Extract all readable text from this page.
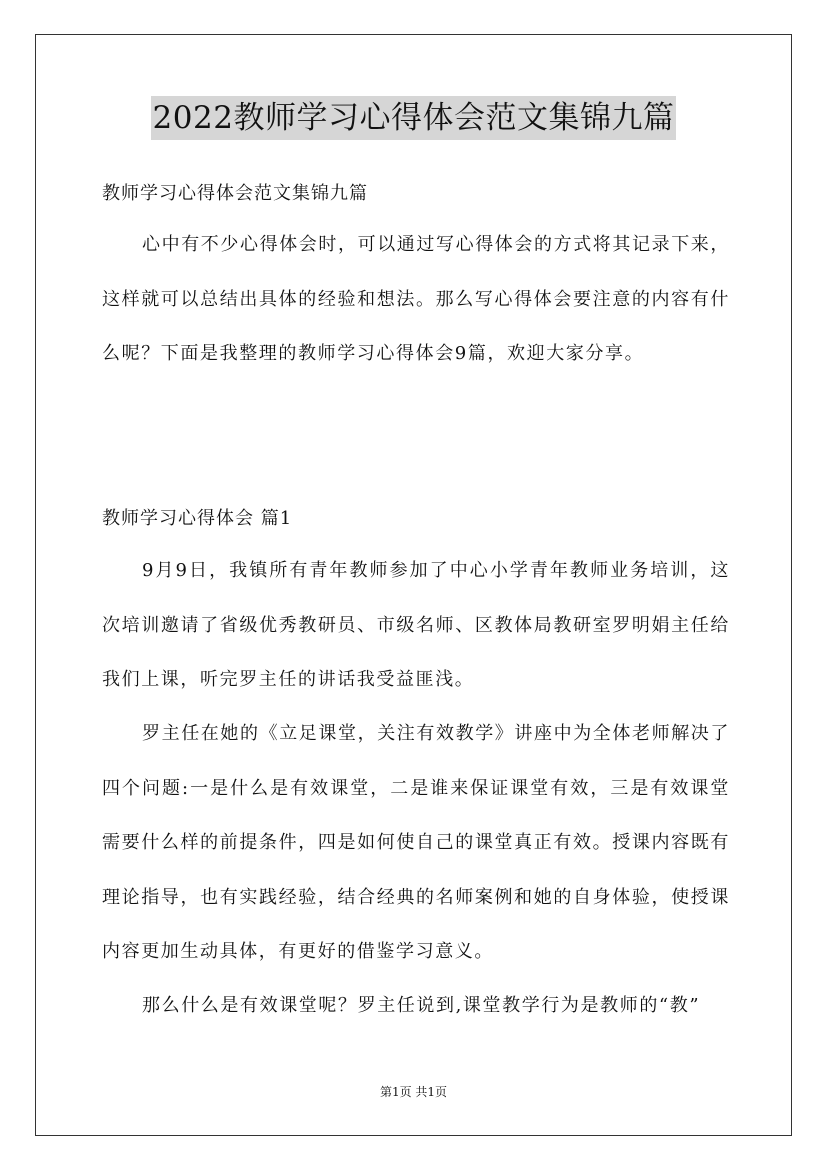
2022教师学习心得体会范文集锦九篇
教师学习心得体会范文集锦九篇

心中有不少心得体会时，可以通过写心得体会的方式将其记录下来，这样就可以总结出具体的经验和想法。那么写心得体会要注意的内容有什么呢？下面是我整理的教师学习心得体会9篇，欢迎大家分享。

教师学习心得体会 篇1

9月9日，我镇所有青年教师参加了中心小学青年教师业务培训，这次培训邀请了省级优秀教研员、市级名师、区教体局教研室罗明娟主任给我们上课，听完罗主任的讲话我受益匪浅。

罗主任在她的《立足课堂，关注有效教学》讲座中为全体老师解决了四个问题:一是什么是有效课堂，二是谁来保证课堂有效，三是有效课堂需要什么样的前提条件，四是如何使自己的课堂真正有效。授课内容既有理论指导，也有实践经验，结合经典的名师案例和她的自身体验，使授课内容更加生动具体，有更好的借鉴学习意义。

那么什么是有效课堂呢？罗主任说到,课堂教学行为是教师的“教”

第1页 共1页
